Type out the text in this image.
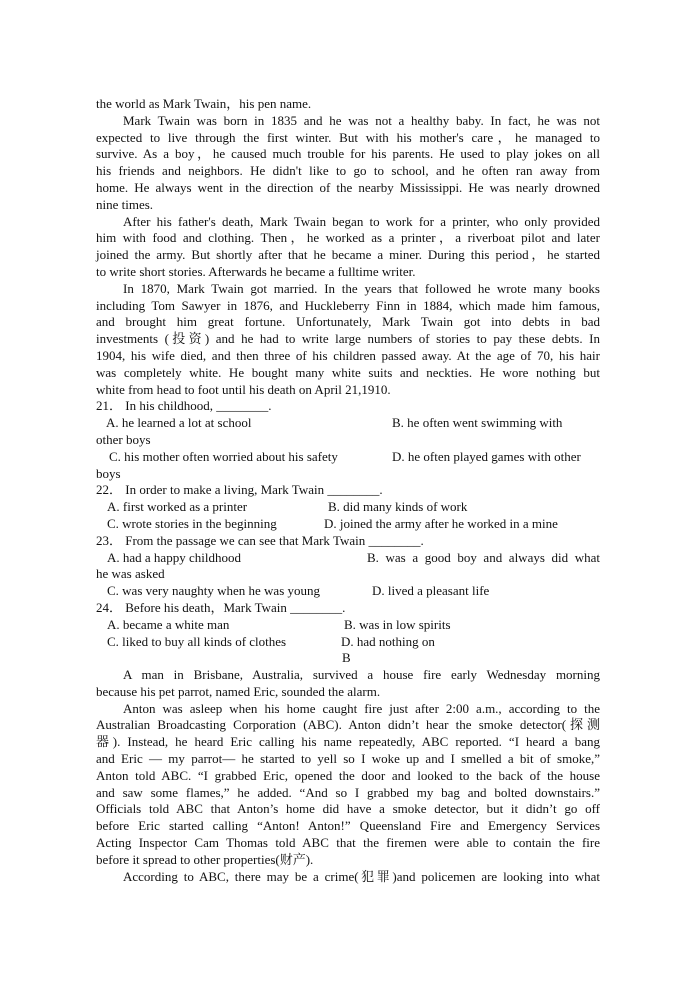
the world as Mark Twain，his pen name.
Mark Twain was born in 1835 and he was not a healthy baby. In fact, he was not
expected to live through the first winter. But with his mother's care，he managed to
survive. As a boy，he caused much trouble for his parents. He used to play jokes on all
his friends and neighbors. He didn't like to go to school, and he often ran away from
home. He always went in the direction of the nearby Mississippi. He was nearly drowned
nine times.
After his father's death, Mark Twain began to work for a printer, who only provided
him with food and clothing. Then，he worked as a printer，a riverboat pilot and later
joined the army. But shortly after that he became a miner. During this period，he started
to write short stories. Afterwards he became a fulltime writer.
In 1870, Mark Twain got married. In the years that followed he wrote many books
including Tom Sawyer in 1876, and Huckleberry Finn in 1884, which made him famous,
and brought him great fortune. Unfortunately, Mark Twain got into debts in bad
investments (投资) and he had to write large numbers of stories to pay these debts. In
1904, his wife died, and then three of his children passed away. At the age of 70, his hair
was completely white. He bought many white suits and neckties. He wore nothing but
white from head to foot until his death on April 21,1910.
21． In his childhood, ________.
A. he learned a lot at school	B. he often went swimming with
other boys
C. his mother often worried about his safety	D. he often played games with other
boys
22． In order to make a living, Mark Twain ________.
A. first worked as a printer	B. did many kinds of work
C. wrote stories in the beginning	D. joined the army after he worked in a mine
23． From the passage we can see that Mark Twain ________.
A. had a happy childhood	B. was a good boy and always did what
he was asked
C. was very naughty when he was young	D. lived a pleasant life
24． Before his death，Mark Twain ________.
A. became a white man	B. was in low spirits
C. liked to buy all kinds of clothes	D. had nothing on
B
A man in Brisbane, Australia, survived a house fire early Wednesday morning
because his pet parrot, named Eric, sounded the alarm.
Anton was asleep when his home caught fire just after 2:00 a.m., according to the
Australian Broadcasting Corporation (ABC). Anton didn’t hear the smoke detector(探测
器). Instead, he heard Eric calling his name repeatedly, ABC reported. “I heard a bang
and Eric — my parrot— he started to yell so I woke up and I smelled a bit of smoke,”
Anton told ABC. “I grabbed Eric, opened the door and looked to the back of the house
and saw some flames,” he added. “And so I grabbed my bag and bolted downstairs.”
Officials told ABC that Anton’s home did have a smoke detector, but it didn’t go off
before Eric started calling “Anton! Anton!” Queensland Fire and Emergency Services
Acting Inspector Cam Thomas told ABC that the firemen were able to contain the fire
before it spread to other properties(财产).
According to ABC, there may be a crime(犯罪)and policemen are looking into what
